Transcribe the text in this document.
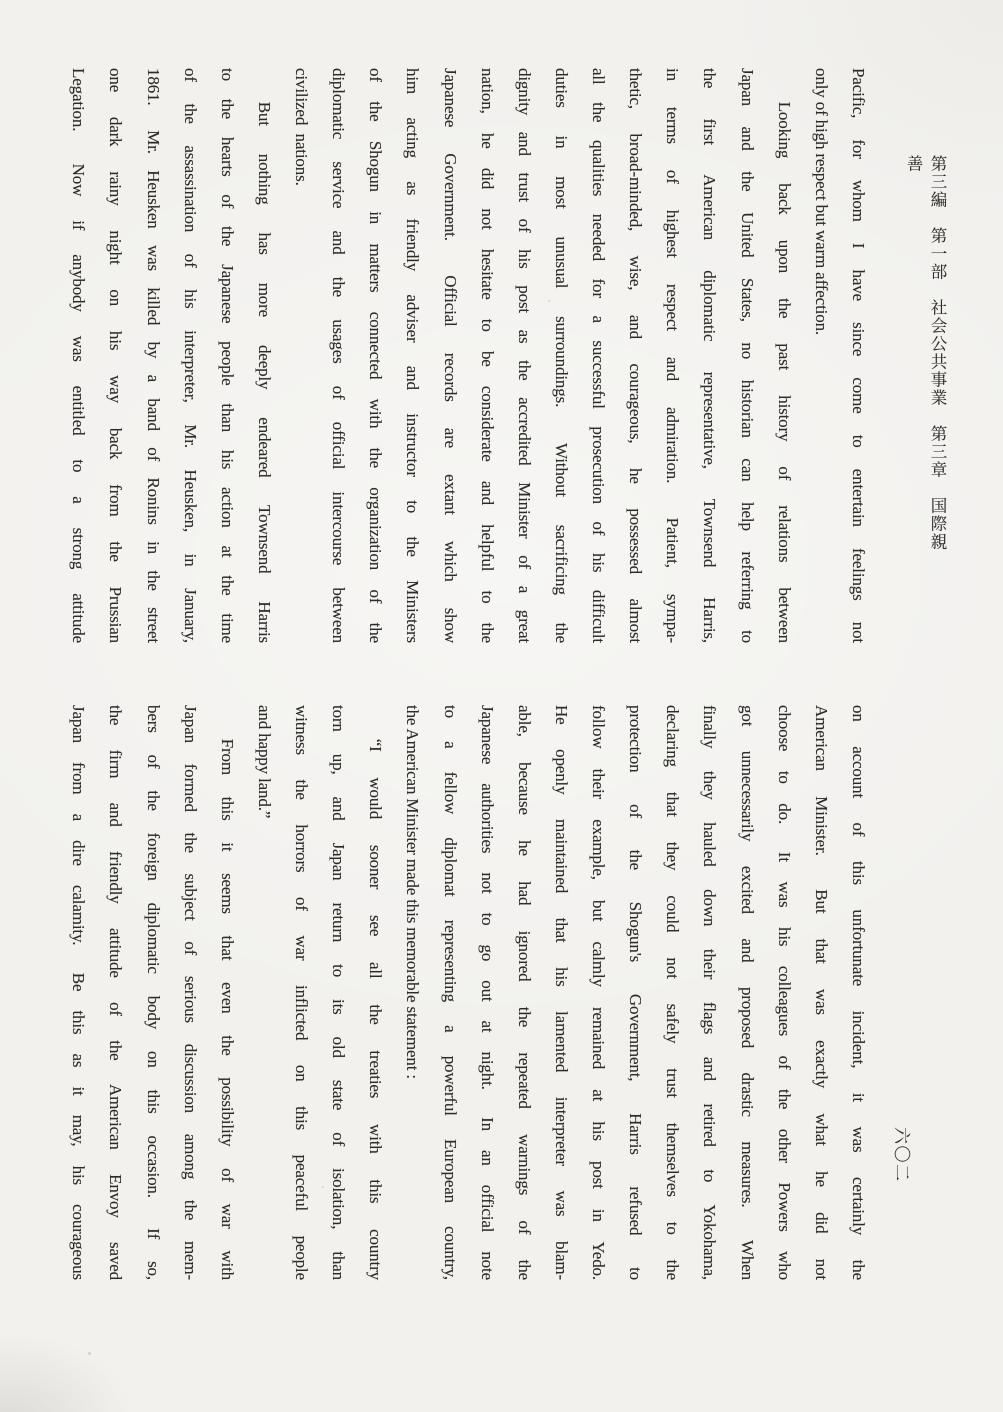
第三編　第一部　社会公共事業　第三章　国際親善
Pacific, for whom I have since come to entertain feelings not
only of high respect but warm affection.
  Looking back upon the past history of relations between
Japan and the United States, no historian can help referring to
the first American diplomatic representative, Townsend Harris,
in terms of highest respect and admiration.  Patient, sympa-
thetic, broad-minded, wise, and courageous, he possessed almost
all the qualities needed for a successful prosecution of his difficult
duties in most unusual surroundings.  Without sacrificing the
dignity and trust of his post as the accredited Minister of a great
nation, he did not hesitate to be considerate and helpful to the
Japanese Government.  Official records are extant which show
him acting as friendly adviser and instructor to the Ministers
of the Shogun in matters connected with the organization of the
diplomatic service and the usages of official intercourse between
civilized nations.
  But nothing has more deeply endeared Townsend Harris
to the hearts of the Japanese people than his action at the time
of the assassination of his interpreter, Mr. Heusken, in January,
1861.  Mr. Heusken was killed by a band of Ronins in the street
one dark rainy night on his way back from the Prussian
Legation.  Now if anybody was entitled to a strong attitude
on account of this unfortunate incident, it was certainly the
American Minister.  But that was exactly what he did not
choose to do.  It was his colleagues of the other Powers who
got unnecessarily excited and proposed drastic measures.  When
finally they hauled down their flags and retired to Yokohama,
declaring that they could not safely trust themselves to the
protection of the Shogun's Government, Harris refused to
follow their example, but calmly remained at his post in Yedo.
He openly maintained that his lamented interpreter was blam-
able, because he had ignored the repeated warnings of the
Japanese authorities not to go out at night.  In an official note
to a fellow diplomat representing a powerful European country,
the American Minister made this memorable statement :
  “I would sooner see all the treaties with this country
torn up, and Japan return to its old state of isolation, than
witness the horrors of war inflicted on this peaceful people
and happy land.”
  From this it seems that even the possibility of war with
Japan formed the subject of serious discussion among the mem-
bers of the foreign diplomatic body on this occasion.  If so,
the firm and friendly attitude of the American Envoy saved
Japan from a dire calamity.  Be this as it may, his courageous	六〇二
